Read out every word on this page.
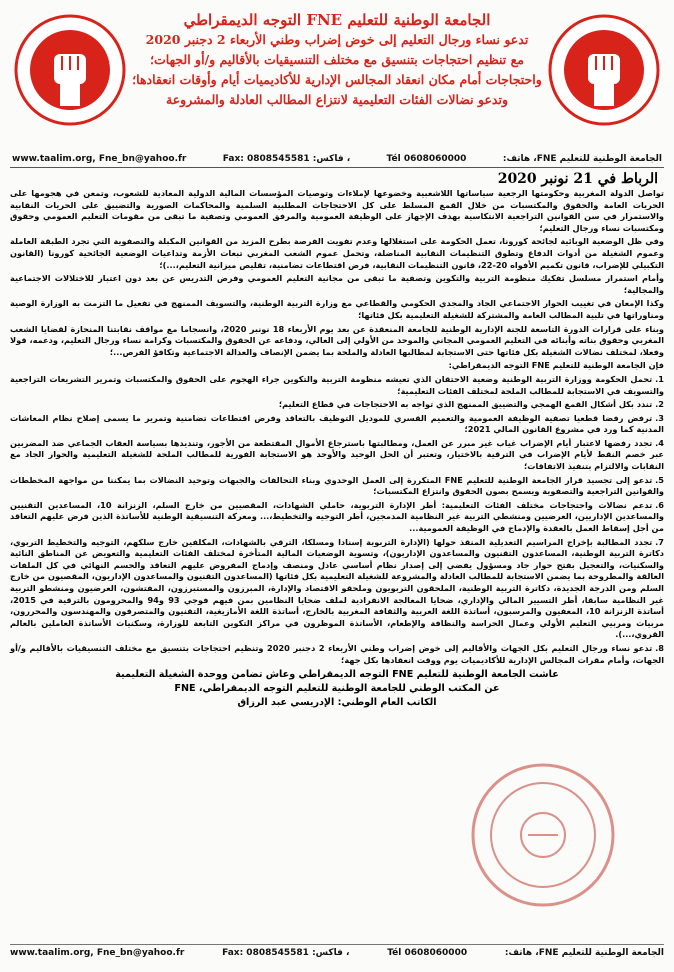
الجامعة الوطنية للتعليم FNE التوجه الديمقراطي
تدعو نساء ورجال التعليم إلى خوض إضراب وطني الأربعاء 2 دجنبر 2020
مع تنظيم احتجاجات بتنسيق مع مختلف التنسيقيات بالأقاليم و/أو الجهات؛
واحتجاجات أمام مكان انعقاد المجالس الإدارية للأكاديميات أيام وأوقات انعقادها؛
وتدعو نضالات الفئات التعليمية لانتزاع المطالب العادلة والمشروعة
الجامعة الوطنية للتعليم FNE، هاتف:
Tél 0608060000
، فاكس: Fax: 0808545581
www.taalim.org, Fne_bn@yahoo.fr
الرباط في 21 نونبر 2020

تواصل الدولة المغربية وحكومتها الرجعية سياساتها اللاشعبية وخضوعها لإملاءات وتوصيات المؤسسات المالية الدولية المعادية للشعوب، وتمعن في هجومها على الحريات العامة والحقوق والمكتسبات من خلال القمع المسلط على كل الاحتجاجات المطلبية السلمية والمحاكمات الصورية والتضييق على الحريات النقابية والاستمرار في سن القوانين التراجعية الانتكاسية بهدف الإجهاز على الوظيفة العمومية والمرفق العمومي وتصفية ما تبقى من مقومات التعليم العمومي وحقوق ومكتسبات نساء ورجال التعليم؛

وفي ظل الوضعية الوبائية لجائحة كورونا، تعمل الحكومة على استغلالها وعدم تفويت الفرصة بطرح المزيد من القوانين المكبلة والتصفوية التي تجرد الطبقة العاملة وعموم الشغيلة من أدوات الدفاع وتطوق التنظيمات النقابية المناضلة، وتحمل عموم الشعب المغربي تبعات الأزمة وتداعيات الوضعية الجائحية كورونا (القانون التكبيلي للإضراب، قانون تكميم الأفواه 20-22، قانون التنظيمات النقابية، فرض اقتطاعات تضامنية، تقليص ميزانية التعليم،...)؛

وأمام استمرار مسلسل تفكيك منظومة التربية والتكوين وتصفية ما تبقى من مجانية التعليم العمومي وفرض التدريس عن بعد دون اعتبار للاختلالات الاجتماعية والمجالية؛

وكذا الإمعان في تغييب الحوار الاجتماعي الجاد والمجدي الحكومي والقطاعي مع وزارة التربية الوطنية، والتسويف الممنهج في تفعيل ما التزمت به الوزارة الوصية ومناوراتها في تلبية المطالب العامة والمشتركة للشغيلة التعليمية بكل فئاتها؛

وبناء على قرارات الدورة التاسعة للجنة الإدارية الوطنية للجامعة المنعقدة عن بعد يوم الأربعاء 18 نونبر 2020، وانسجاما مع مواقف نقابتنا المنحازة لقضايا الشعب المغربي وحقوق بناته وأبنائه في التعليم العمومي المجاني والموحد من الأولي إلى العالي، ودفاعه عن الحقوق والمكتسبات وكرامة نساء ورجال التعليم، ودعمه، قولا وفعلا، لمختلف نضالات الشغيلة بكل فئاتها حتى الاستجابة لمطالبها العادلة والملحة بما يضمن الإنصاف والعدالة الاجتماعية وتكافؤ الفرص...؛

فإن الجامعة الوطنية للتعليم FNE التوجه الديمقراطي:

1.تحمل الحكومة ووزارة التربية الوطنية وضعية الاحتقان الذي تعيشه منظومة التربية والتكوين جراء الهجوم على الحقوق والمكتسبات وتمرير التشريعات التراجعية والتسويف في الاستجابة للمطالب الملحة لمختلف الفئات التعليمية؛
2.تندد بكل أشكال القمع الهمجي والتضييق الممنهج الذي تواجه به الاحتجاجات في قطاع التعليم؛
3.ترفض رفضا قطعيا تصفية الوظيفة العمومية والتعميم القسري للموديل التوظيف بالتعاقد وفرض اقتطاعات تضامنية وتمرير ما يسمى إصلاح نظام المعاشات المدنية كما ورد في مشروع القانون المالي 2021؛
4.تجدد رفضها لاعتبار أيام الإضراب غياب غير مبرر عن العمل، ومطالبتها باسترجاع الأموال المقتطعة من الأجور، وتنديدها بسياسة العقاب الجماعي ضد المضربين عبر خصم النقط لأيام الإضراب في الترقية بالاختيار، وتعتبر أن الحل الوحيد والأوحد هو الاستجابة الفورية للمطالب الملحة للشغيلة التعليمية والحوار الجاد مع النقابات والالتزام بتنفيذ الاتفاقات؛
5.تدعو إلى تجسيد قرار الجامعة الوطنية للتعليم FNE المتكررة إلى العمل الوحدوي وبناء التحالفات والجبهات وتوحيد النضالات بما يمكننا من مواجهة المخططات والقوانين التراجعية والتصفوية ويسمح بصون الحقوق وانتزاع المكتسبات؛
6.تدعم نضالات واحتجاجات مختلف الفئات التعليمية: أطر الإدارة التربوية، حاملي الشهادات، المقصيين من خارج السلم، الزنزانة 10، المساعدين التقنيين والمساعدين الإداريين، العرضيين ومنشطي التربية غير النظامية المدمجين، أطر التوجيه والتخطيط،... ومعركة التنسيقية الوطنية للأساتذة الذين فرض عليهم التعاقد من أجل إسقاط العمل بالعقدة والإدماج في الوظيفة العمومية...
7.تجدد المطالبة بإخراج المراسيم التعديلية المنقذ حولها (الإدارة التربوية إسنادا ومسلكا، الترقي بالشهادات، المكلفين خارج سلكهم، التوجيه والتخطيط التربوي، دكاترة التربية الوطنية، المساعدون التقنيون والمساعدون الإداريون)، وتسوية الوضعيات المالية المتأخرة لمختلف الفئات التعليمية والتعويض عن المناطق النائية والسكنيات، والتعجيل بفتح حوار جاد ومسؤول يفضي إلى إصدار نظام أساسي عادل ومنصف وإدماج المفروض عليهم التعاقد والحسم النهائي في كل الملفات العالقة والمطروحة بما يضمن الاستجابة للمطالب العادلة والمشروعة للشغيلة التعليمية بكل فئاتها (المساعدون التقنيون والمساعدون الإداريون، المقصيون من خارج السلم ومن الدرجة الجديدة، دكاترة التربية الوطنية، الملحقون التربويون وملحقو الاقتصاد والإدارة، المبرزون والمستبرزون، المفتشون، العرضيون ومنشطو التربية غير النظامية سابقا، أطر التسيير المالي والإداري، ضحايا المعالجة الانفرادية لملف ضحايا النظامين بمن فيهم فوجي 93 و94 والمحرومون بالترقية في 2015، أساتذة الزنزانة 10، المعفيون والمرسبون، أساتذة اللغة العربية والثقافة المغربية بالخارج، أساتذة اللغة الأمازيغية، التقنيون والمتصرفون والمهندسون والمحررون، مربيات ومربيي التعليم الأولي وعمال الحراسة والنظافة والإطعام، الأساتذة الموظرون في مراكز التكوين التابعة للوزارة، وسكنيات الأساتذة العاملين بالعالم القروي،...).
8.تدعو نساء ورجال التعليم بكل الجهات والأقاليم إلى خوض إضراب وطني الأربعاء 2 دجنبر 2020 وتنظيم احتجاجات بتنسيق مع مختلف التنسيقيات بالأقاليم و/أو الجهات، وأمام مقرات المجالس الإدارية للأكاديميات يوم ووقت انعقادها بكل جهة؛
عاشت الجامعة الوطنية للتعليم FNE التوجه الديمقراطي وعاش تضامن ووحدة الشغيلة التعليمية
عن المكتب الوطني للجامعة الوطنية للتعليم التوجه الديمقراطي، FNE
الكاتب العام الوطني: الإدريسي عبد الرزاق
الجامعة الوطنية للتعليم FNE، هاتف:
Tél 0608060000
، فاكس: Fax: 0808545581
www.taalim.org, Fne_bn@yahoo.fr
